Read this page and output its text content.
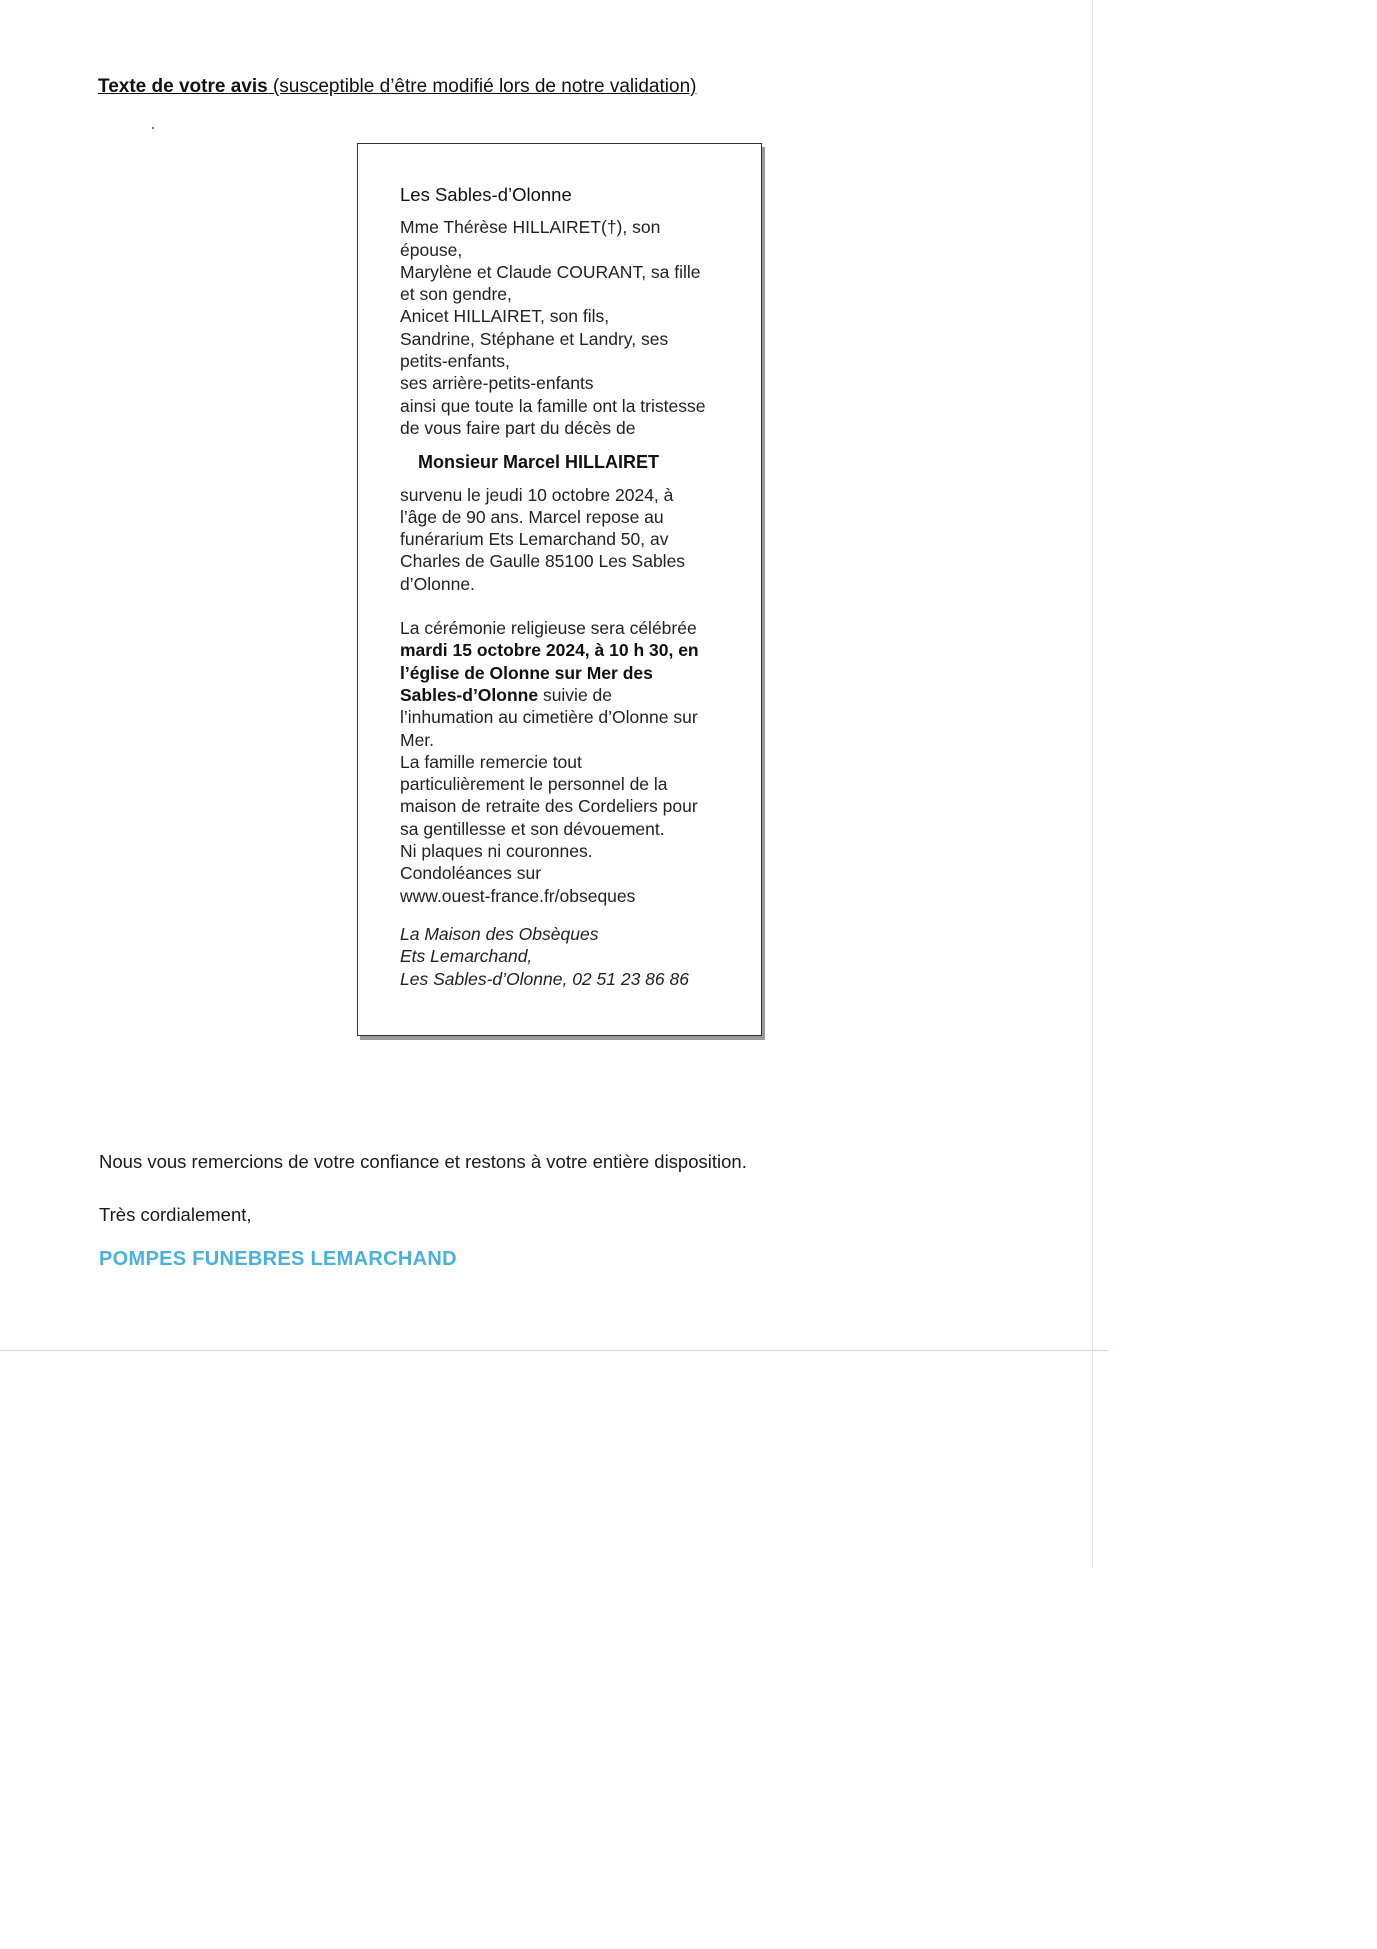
Texte de votre avis (susceptible d’être modifié lors de notre validation)
Les Sables-d’Olonne

Mme Thérèse HILLAIRET(†), son

épouse,

Marylène et Claude COURANT, sa fille

et son gendre,

Anicet HILLAIRET, son fils,

Sandrine, Stéphane et Landry, ses

petits-enfants,

ses arrière-petits-enfants

ainsi que toute la famille ont la tristesse

de vous faire part du décès de

Monsieur Marcel HILLAIRET

survenu le jeudi 10 octobre 2024, à

l’âge de 90 ans. Marcel repose au

funérarium Ets Lemarchand 50, av

Charles de Gaulle 85100 Les Sables

d’Olonne.

La cérémonie religieuse sera célébrée

mardi 15 octobre 2024, à 10 h 30, en

l’église de Olonne sur Mer des

Sables-d’Olonne suivie de

l’inhumation au cimetière d’Olonne sur

Mer.

La famille remercie tout

particulièrement le personnel de la

maison de retraite des Cordeliers pour

sa gentillesse et son dévouement.

Ni plaques ni couronnes.

Condoléances sur

www.ouest-france.fr/obseques

La Maison des Obsèques

Ets Lemarchand,

Les Sables-d’Olonne, 02 51 23 86 86

Nous vous remercions de votre confiance et restons à votre entière disposition.
Très cordialement,
POMPES FUNEBRES LEMARCHAND
